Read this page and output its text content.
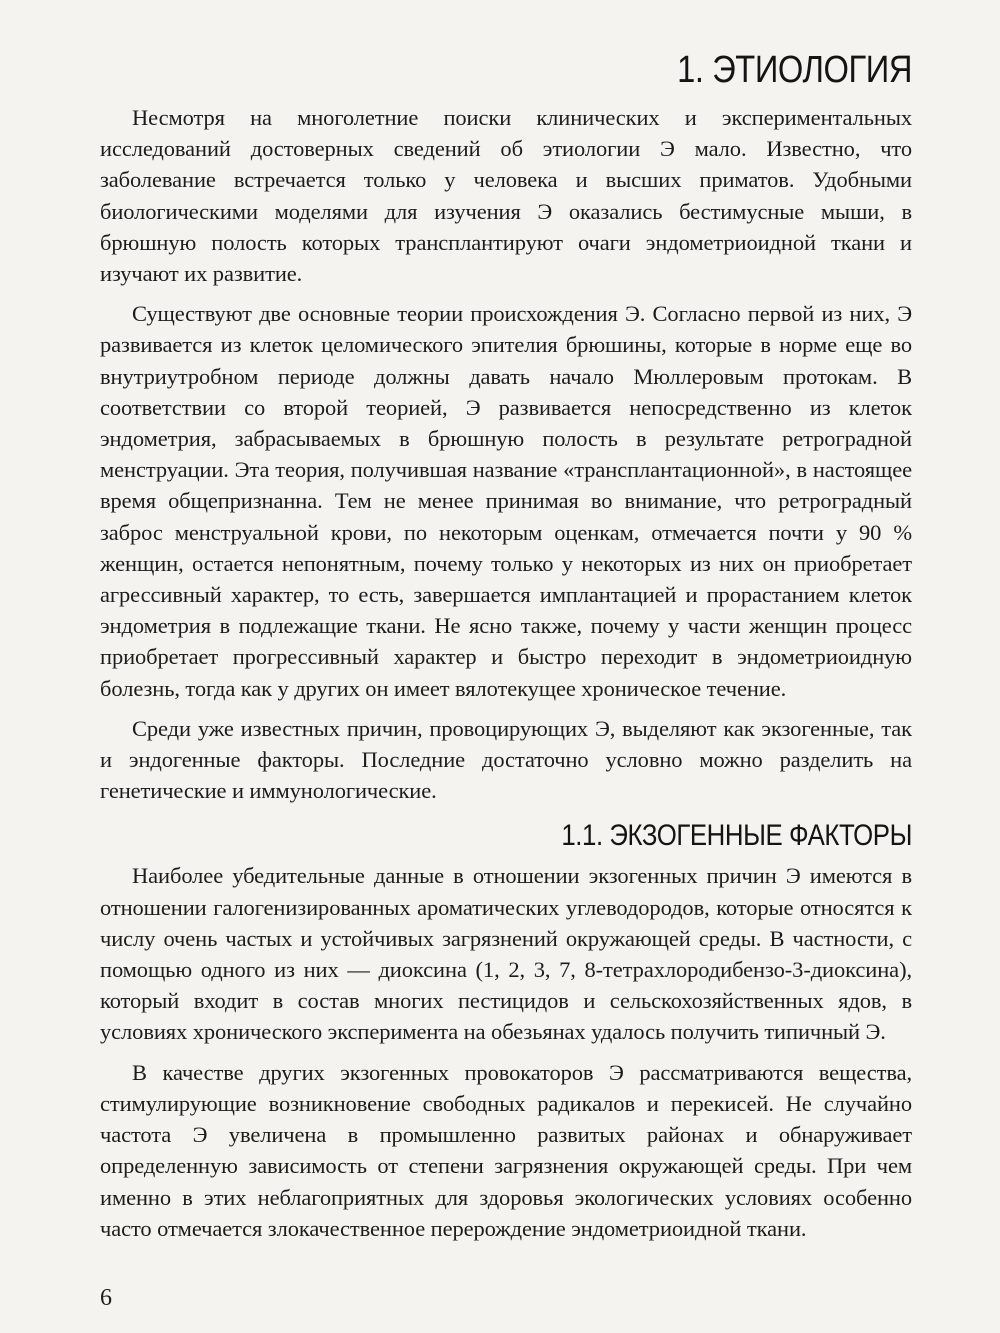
1. ЭТИОЛОГИЯ

Несмотря на многолетние поиски клинических и экспериментальных исследований достоверных сведений об этиологии Э мало. Известно, что заболевание встречается только у человека и высших приматов. Удобными биологическими моделями для изучения Э оказались бестимусные мыши, в брюшную полость которых трансплантируют очаги эндометриоидной ткани и изучают их развитие.

Существуют две основные теории происхождения Э. Согласно первой из них, Э развивается из клеток целомического эпителия брюшины, которые в норме еще во внутриутробном периоде должны давать начало Мюллеровым протокам. В соответствии со второй теорией, Э развивается непосредственно из клеток эндометрия, забрасываемых в брюшную полость в результате ретроградной менструации. Эта теория, получившая название «трансплантационной», в настоящее время общепризнанна. Тем не менее принимая во внимание, что ретроградный заброс менструальной крови, по некоторым оценкам, отмечается почти у 90 % женщин, остается непонятным, почему только у некоторых из них он приобретает агрессивный характер, то есть, завершается имплантацией и прорастанием клеток эндометрия в подлежащие ткани. Не ясно также, почему у части женщин процесс приобретает прогрессивный характер и быстро переходит в эндометриоидную болезнь, тогда как у других он имеет вялотекущее хроническое течение.

Среди уже известных причин, провоцирующих Э, выделяют как экзогенные, так и эндогенные факторы. Последние достаточно условно можно разделить на генетические и иммунологические.

1.1. ЭКЗОГЕННЫЕ ФАКТОРЫ

Наиболее убедительные данные в отношении экзогенных причин Э имеются в отношении галогенизированных ароматических углеводородов, которые относятся к числу очень частых и устойчивых загрязнений окружающей среды. В частности, с помощью одного из них — диоксина (1, 2, 3, 7, 8-тетрахлородибензо-3-диоксина), который входит в состав многих пестицидов и сельскохозяйственных ядов, в условиях хронического эксперимента на обезьянах удалось получить типичный Э.

В качестве других экзогенных провокаторов Э рассматриваются вещества, стимулирующие возникновение свободных радикалов и перекисей. Не случайно частота Э увеличена в промышленно развитых районах и обнаруживает определенную зависимость от степени загрязнения окружающей среды. При чем именно в этих неблагоприятных для здоровья экологических условиях особенно часто отмечается злокачественное перерождение эндометриоидной ткани.

6
